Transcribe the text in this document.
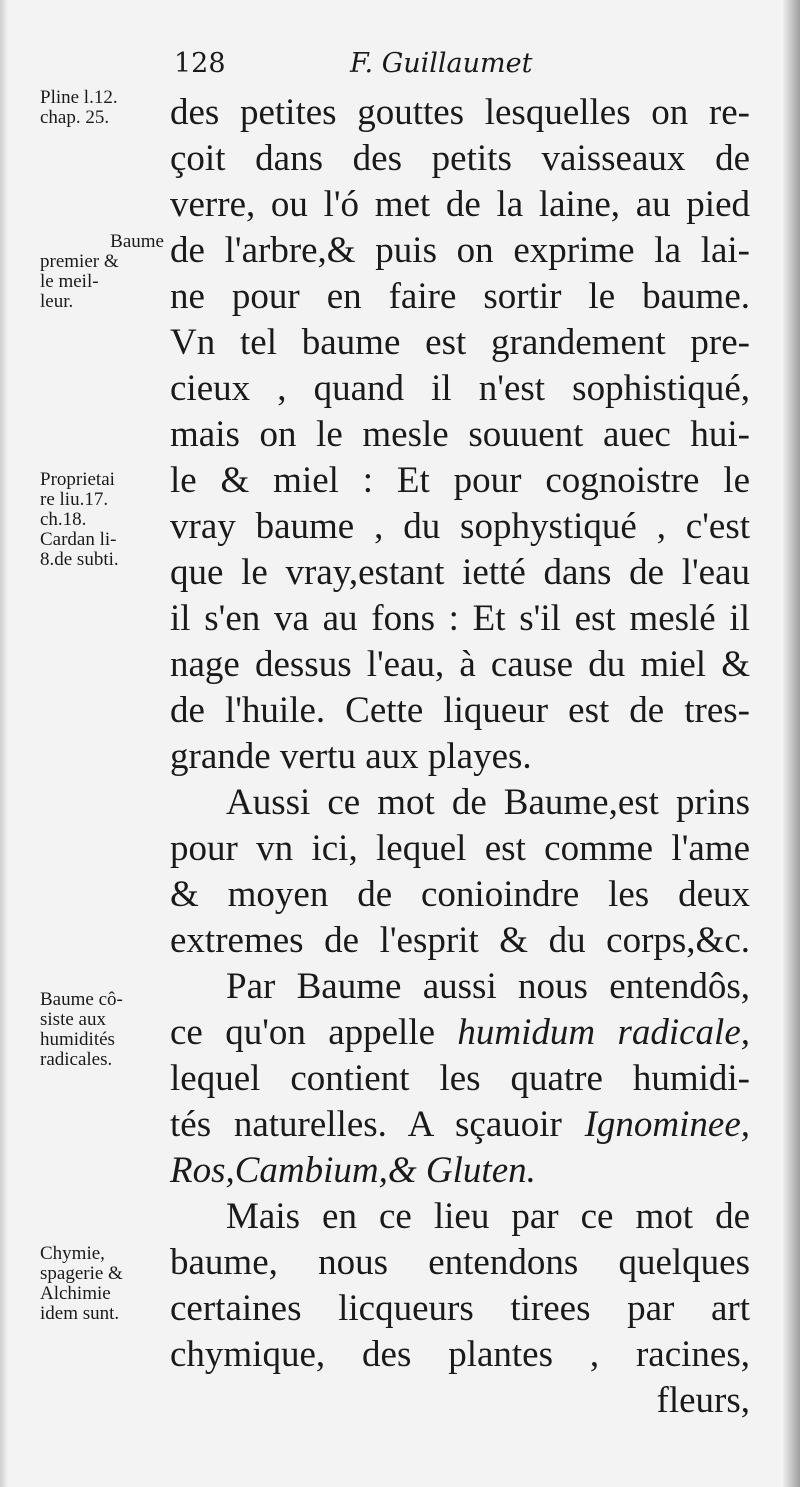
128	F. Guillaumet
Pline l.12.
chap. 25.
Baume
premier &
le meil-
leur.
Proprietai
re liu.17.
ch.18.
Cardan li-
8.de subti.
Baume cô-
siste aux
humidités
radicales.
Chymie,
spagerie &
Alchimie
idem sunt.
des petites gouttes lesquelles on re-
çoit dans des petits vaisseaux de
verre, ou l'ó met de la laine, au pied
de l'arbre,& puis on exprime la lai-
ne pour en faire sortir le baume.
Vn tel baume est grandement pre-
cieux , quand il n'est sophistiqué,
mais on le mesle souuent auec hui-
le & miel : Et pour cognoistre le
vray baume , du sophystiqué , c'est
que le vray,estant ietté dans de l'eau
il s'en va au fons : Et s'il est meslé il
nage dessus l'eau, à cause du miel &
de l'huile. Cette liqueur est de tres-
grande vertu aux playes.
Aussi ce mot de Baume,est prins
pour vn ici, lequel est comme l'ame
& moyen de conioindre les deux
extremes de l'esprit & du corps,&c.
Par Baume aussi nous entendôs,
ce qu'on appelle humidum radicale,
lequel contient les quatre humidi-
tés naturelles. A sçauoir Ignominee,
Ros,Cambium,& Gluten.
Mais en ce lieu par ce mot de
baume, nous entendons quelques
certaines licqueurs tirees par art
chymique, des plantes , racines,
fleurs,
